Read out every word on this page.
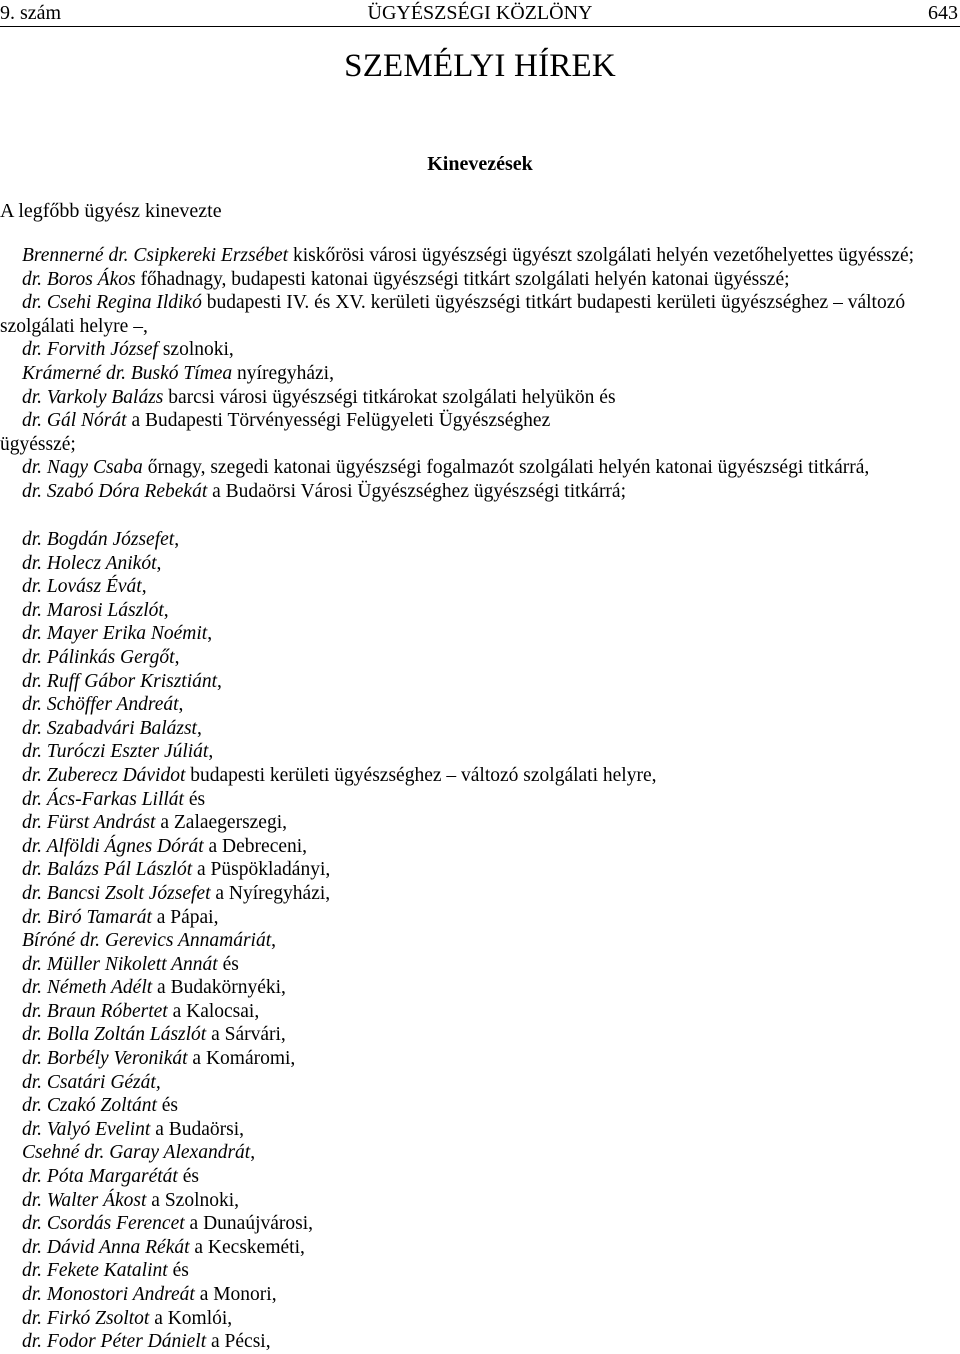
9. szám	ÜGYÉSZSÉGI KÖZLÖNY	643
SZEMÉLYI HÍREK
Kinevezések
A legfőbb ügyész kinevezte
Brennerné dr. Csipkereki Erzsébet kiskőrösi városi ügyészségi ügyészt szolgálati helyén vezetőhelyettes ügyésszé;
dr. Boros Ákos főhadnagy, budapesti katonai ügyészségi titkárt szolgálati helyén katonai ügyésszé;
dr. Csehi Regina Ildikó budapesti IV. és XV. kerületi ügyészségi titkárt budapesti kerületi ügyészséghez – változó
szolgálati helyre –,
dr. Forvith József szolnoki,
Krámerné dr. Buskó Tímea nyíregyházi,
dr. Varkoly Balázs barcsi városi ügyészségi titkárokat szolgálati helyükön és
dr. Gál Nórát a Budapesti Törvényességi Felügyeleti Ügyészséghez
ügyésszé;
dr. Nagy Csaba őrnagy, szegedi katonai ügyészségi fogalmazót szolgálati helyén katonai ügyészségi titkárrá,
dr. Szabó Dóra Rebekát a Budaörsi Városi Ügyészséghez ügyészségi titkárrá;
dr. Bogdán Józsefet,
dr. Holecz Anikót,
dr. Lovász Évát,
dr. Marosi Lászlót,
dr. Mayer Erika Noémit,
dr. Pálinkás Gergőt,
dr. Ruff Gábor Krisztiánt,
dr. Schöffer Andreát,
dr. Szabadvári Balázst,
dr. Turóczi Eszter Júliát,
dr. Zuberecz Dávidot budapesti kerületi ügyészséghez – változó szolgálati helyre,
dr. Ács-Farkas Lillát és
dr. Fürst Andrást a Zalaegerszegi,
dr. Alföldi Ágnes Dórát a Debreceni,
dr. Balázs Pál Lászlót a Püspökladányi,
dr. Bancsi Zsolt Józsefet a Nyíregyházi,
dr. Biró Tamarát a Pápai,
Bíróné dr. Gerevics Annamáriát,
dr. Müller Nikolett Annát és
dr. Németh Adélt a Budakörnyéki,
dr. Braun Róbertet a Kalocsai,
dr. Bolla Zoltán Lászlót a Sárvári,
dr. Borbély Veronikát a Komáromi,
dr. Csatári Gézát,
dr. Czakó Zoltánt és
dr. Valyó Evelint a Budaörsi,
Csehné dr. Garay Alexandrát,
dr. Póta Margarétát és
dr. Walter Ákost a Szolnoki,
dr. Csordás Ferencet a Dunaújvárosi,
dr. Dávid Anna Rékát a Kecskeméti,
dr. Fekete Katalint és
dr. Monostori Andreát a Monori,
dr. Firkó Zsoltot a Komlói,
dr. Fodor Péter Dánielt a Pécsi,
